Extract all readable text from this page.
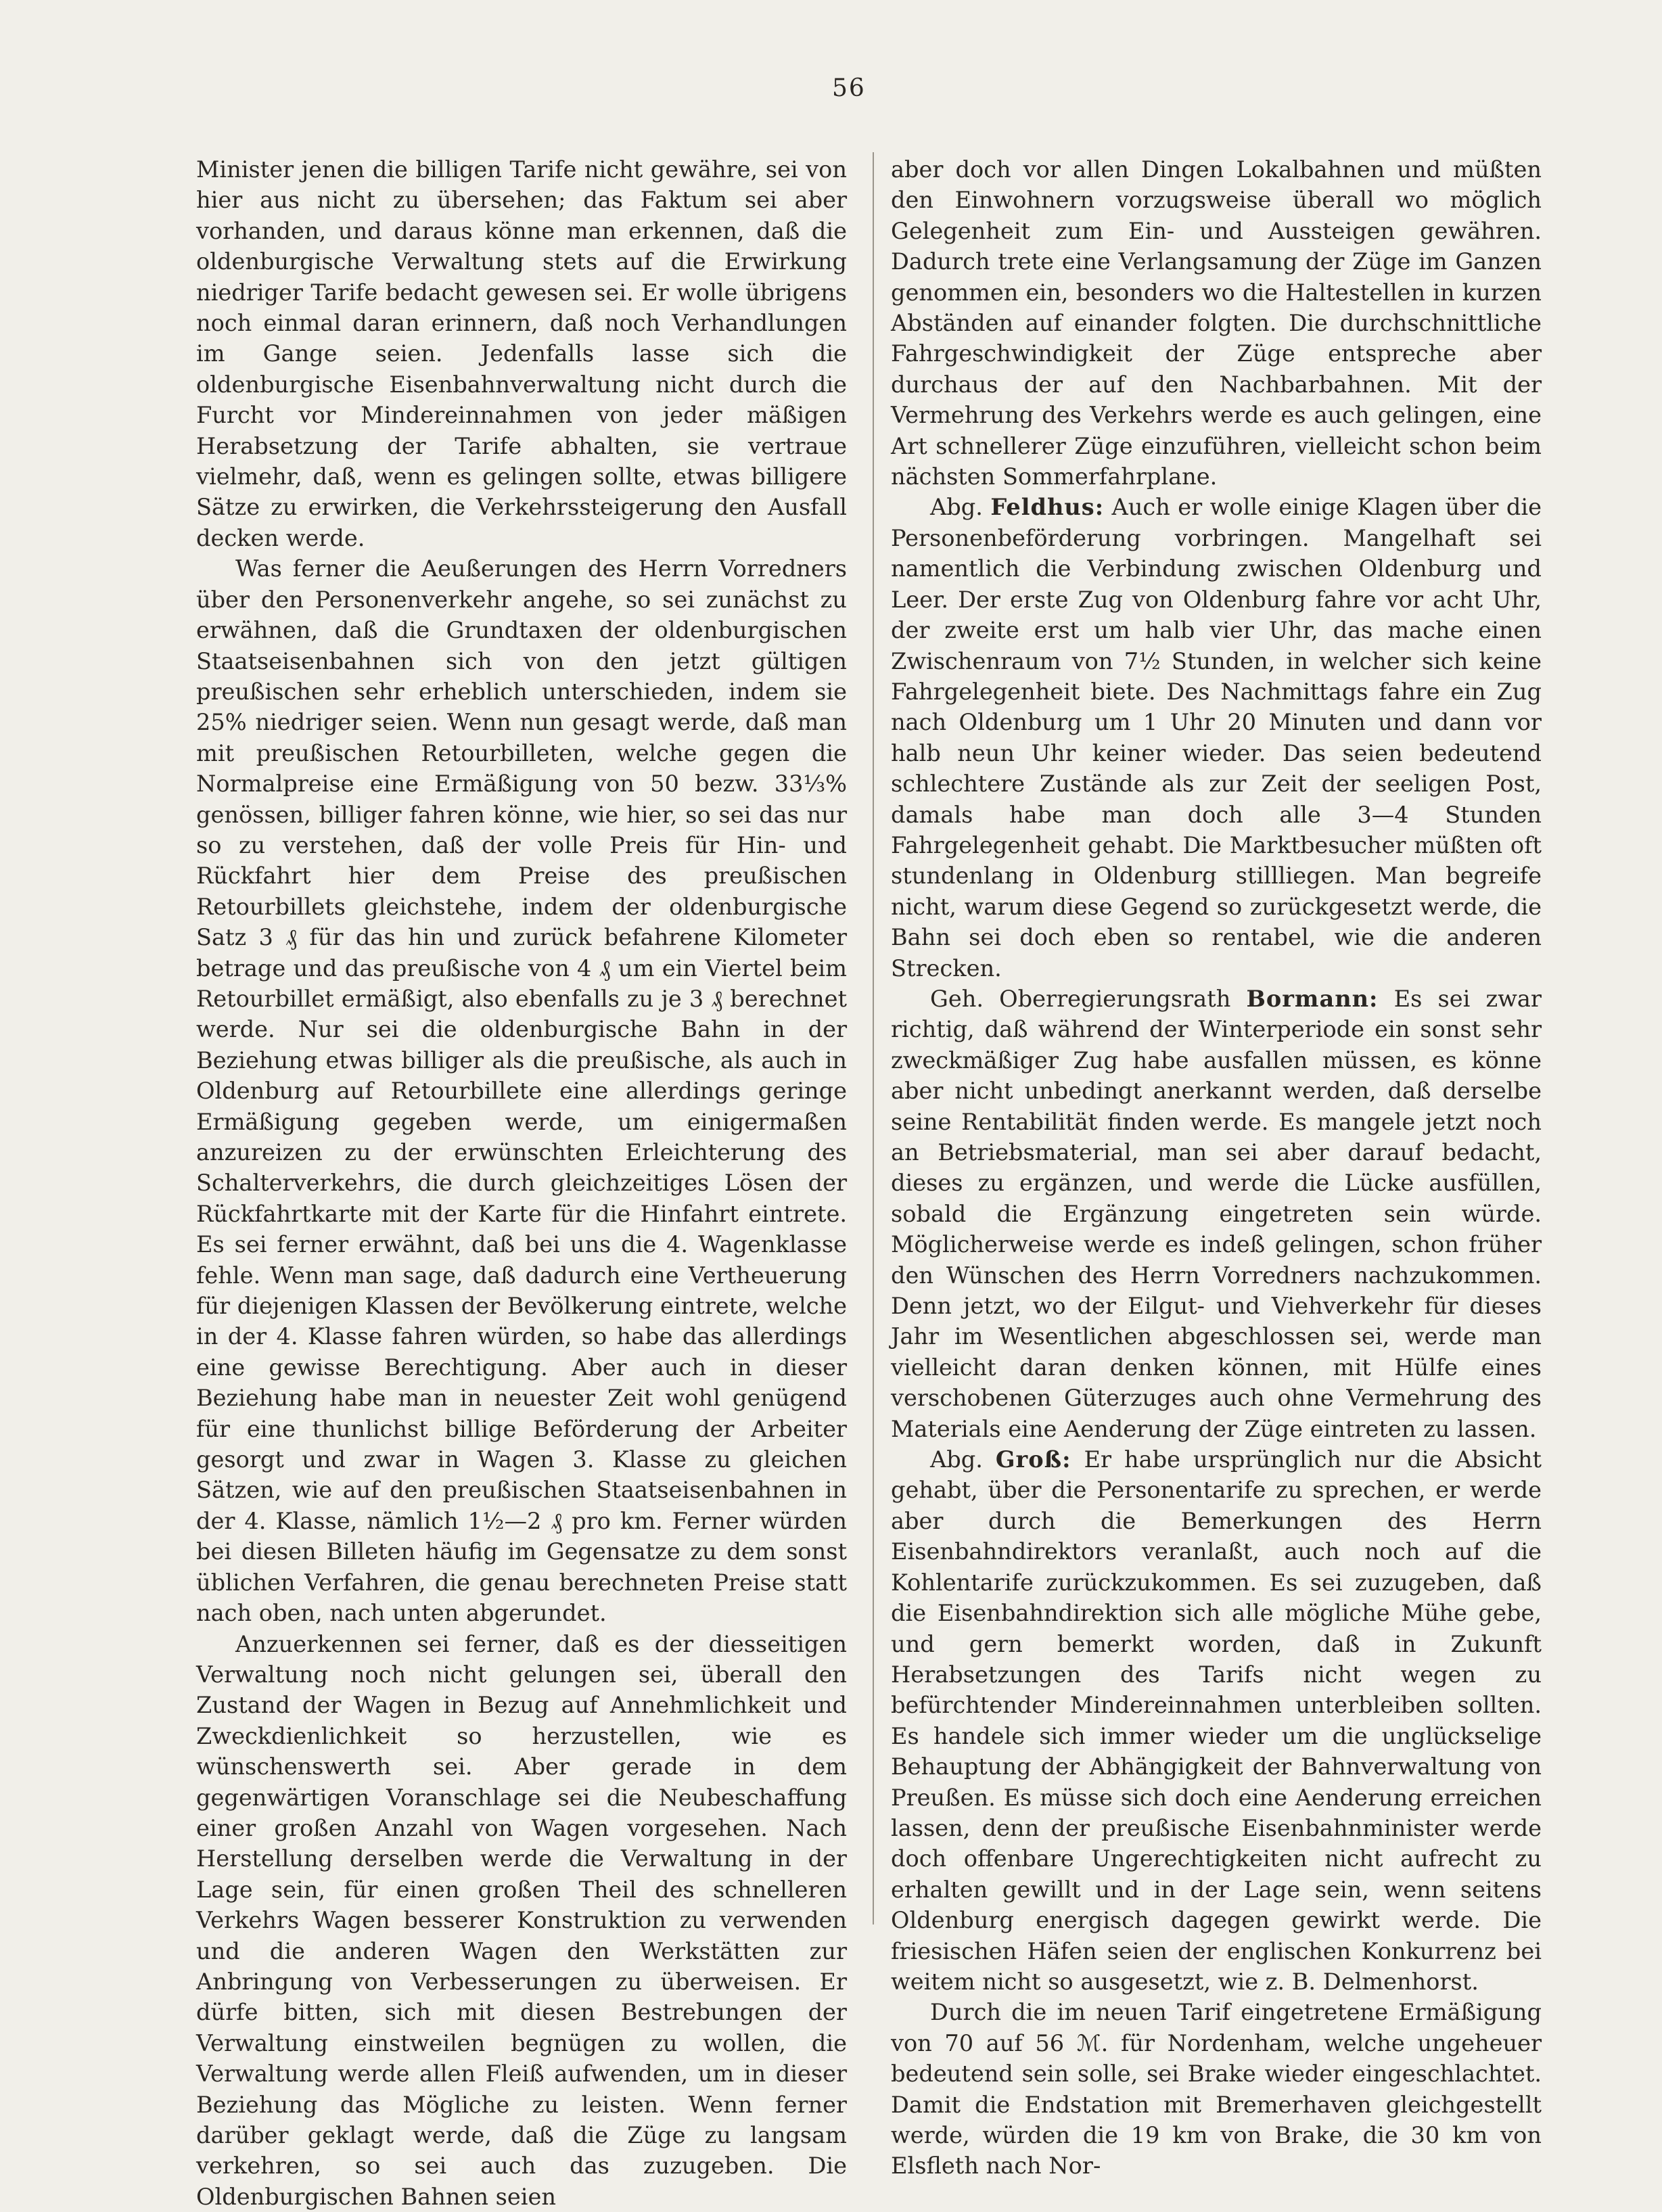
56

Minister jenen die billigen Tarife nicht gewähre, sei von hier aus nicht zu übersehen; das Faktum sei aber vorhanden, und daraus könne man erkennen, daß die oldenburgische Verwaltung stets auf die Erwirkung niedriger Tarife bedacht gewesen sei. Er wolle übrigens noch einmal daran erinnern, daß noch Verhandlungen im Gange seien. Jedenfalls lasse sich die oldenburgische Eisenbahnverwaltung nicht durch die Furcht vor Mindereinnahmen von jeder mäßigen Herabsetzung der Tarife abhalten, sie vertraue vielmehr, daß, wenn es gelingen sollte, etwas billigere Sätze zu erwirken, die Verkehrssteigerung den Ausfall decken werde.

Was ferner die Aeußerungen des Herrn Vorredners über den Personenverkehr angehe, so sei zunächst zu erwähnen, daß die Grundtaxen der oldenburgischen Staatseisenbahnen sich von den jetzt gültigen preußischen sehr erheblich unterschieden, indem sie 25% niedriger seien. Wenn nun gesagt werde, daß man mit preußischen Retourbilleten, welche gegen die Normalpreise eine Ermäßigung von 50 bezw. 33⅓% genössen, billiger fahren könne, wie hier, so sei das nur so zu verstehen, daß der volle Preis für Hin- und Rückfahrt hier dem Preise des preußischen Retourbillets gleichstehe, indem der oldenburgische Satz 3 ₰ für das hin und zurück befahrene Kilometer betrage und das preußische von 4 ₰ um ein Viertel beim Retourbillet ermäßigt, also ebenfalls zu je 3 ₰ berechnet werde. Nur sei die oldenburgische Bahn in der Beziehung etwas billiger als die preußische, als auch in Oldenburg auf Retourbillete eine allerdings geringe Ermäßigung gegeben werde, um einigermaßen anzureizen zu der erwünschten Erleichterung des Schalterverkehrs, die durch gleichzeitiges Lösen der Rückfahrtkarte mit der Karte für die Hinfahrt eintrete. Es sei ferner erwähnt, daß bei uns die 4. Wagenklasse fehle. Wenn man sage, daß dadurch eine Vertheuerung für diejenigen Klassen der Bevölkerung eintrete, welche in der 4. Klasse fahren würden, so habe das allerdings eine gewisse Berechtigung. Aber auch in dieser Beziehung habe man in neuester Zeit wohl genügend für eine thunlichst billige Beförderung der Arbeiter gesorgt und zwar in Wagen 3. Klasse zu gleichen Sätzen, wie auf den preußischen Staatseisenbahnen in der 4. Klasse, nämlich 1½—2 ₰ pro km. Ferner würden bei diesen Billeten häufig im Gegensatze zu dem sonst üblichen Verfahren, die genau berechneten Preise statt nach oben, nach unten abgerundet.

Anzuerkennen sei ferner, daß es der diesseitigen Verwaltung noch nicht gelungen sei, überall den Zustand der Wagen in Bezug auf Annehmlichkeit und Zweckdienlichkeit so herzustellen, wie es wünschenswerth sei. Aber gerade in dem gegenwärtigen Voranschlage sei die Neubeschaffung einer großen Anzahl von Wagen vorgesehen. Nach Herstellung derselben werde die Verwaltung in der Lage sein, für einen großen Theil des schnelleren Verkehrs Wagen besserer Konstruktion zu verwenden und die anderen Wagen den Werkstätten zur Anbringung von Verbesserungen zu überweisen. Er dürfe bitten, sich mit diesen Bestrebungen der Verwaltung einstweilen begnügen zu wollen, die Verwaltung werde allen Fleiß aufwenden, um in dieser Beziehung das Mögliche zu leisten. Wenn ferner darüber geklagt werde, daß die Züge zu langsam verkehren, so sei auch das zuzugeben. Die Oldenburgischen Bahnen seien

aber doch vor allen Dingen Lokalbahnen und müßten den Einwohnern vorzugsweise überall wo möglich Gelegenheit zum Ein- und Aussteigen gewähren. Dadurch trete eine Verlangsamung der Züge im Ganzen genommen ein, besonders wo die Haltestellen in kurzen Abständen auf einander folgten. Die durchschnittliche Fahrgeschwindigkeit der Züge entspreche aber durchaus der auf den Nachbarbahnen. Mit der Vermehrung des Verkehrs werde es auch gelingen, eine Art schnellerer Züge einzuführen, vielleicht schon beim nächsten Sommerfahrplane.

Abg. Feldhus: Auch er wolle einige Klagen über die Personenbeförderung vorbringen. Mangelhaft sei namentlich die Verbindung zwischen Oldenburg und Leer. Der erste Zug von Oldenburg fahre vor acht Uhr, der zweite erst um halb vier Uhr, das mache einen Zwischenraum von 7½ Stunden, in welcher sich keine Fahrgelegenheit biete. Des Nachmittags fahre ein Zug nach Oldenburg um 1 Uhr 20 Minuten und dann vor halb neun Uhr keiner wieder. Das seien bedeutend schlechtere Zustände als zur Zeit der seeligen Post, damals habe man doch alle 3—4 Stunden Fahrgelegenheit gehabt. Die Marktbesucher müßten oft stundenlang in Oldenburg stillliegen. Man begreife nicht, warum diese Gegend so zurückgesetzt werde, die Bahn sei doch eben so rentabel, wie die anderen Strecken.

Geh. Oberregierungsrath Bormann: Es sei zwar richtig, daß während der Winterperiode ein sonst sehr zweckmäßiger Zug habe ausfallen müssen, es könne aber nicht unbedingt anerkannt werden, daß derselbe seine Rentabilität finden werde. Es mangele jetzt noch an Betriebsmaterial, man sei aber darauf bedacht, dieses zu ergänzen, und werde die Lücke ausfüllen, sobald die Ergänzung eingetreten sein würde. Möglicherweise werde es indeß gelingen, schon früher den Wünschen des Herrn Vorredners nachzukommen. Denn jetzt, wo der Eilgut- und Viehverkehr für dieses Jahr im Wesentlichen abgeschlossen sei, werde man vielleicht daran denken können, mit Hülfe eines verschobenen Güterzuges auch ohne Vermehrung des Materials eine Aenderung der Züge eintreten zu lassen.

Abg. Groß: Er habe ursprünglich nur die Absicht gehabt, über die Personentarife zu sprechen, er werde aber durch die Bemerkungen des Herrn Eisenbahndirektors veranlaßt, auch noch auf die Kohlentarife zurückzukommen. Es sei zuzugeben, daß die Eisenbahndirektion sich alle mögliche Mühe gebe, und gern bemerkt worden, daß in Zukunft Herabsetzungen des Tarifs nicht wegen zu befürchtender Mindereinnahmen unterbleiben sollten. Es handele sich immer wieder um die unglückselige Behauptung der Abhängigkeit der Bahnverwaltung von Preußen. Es müsse sich doch eine Aenderung erreichen lassen, denn der preußische Eisenbahnminister werde doch offenbare Ungerechtigkeiten nicht aufrecht zu erhalten gewillt und in der Lage sein, wenn seitens Oldenburg energisch dagegen gewirkt werde. Die friesischen Häfen seien der englischen Konkurrenz bei weitem nicht so ausgesetzt, wie z. B. Delmenhorst.

Durch die im neuen Tarif eingetretene Ermäßigung von 70 auf 56 ℳ. für Nordenham, welche ungeheuer bedeutend sein solle, sei Brake wieder eingeschlachtet. Damit die Endstation mit Bremerhaven gleichgestellt werde, würden die 19 km von Brake, die 30 km von Elsfleth nach Nor-
